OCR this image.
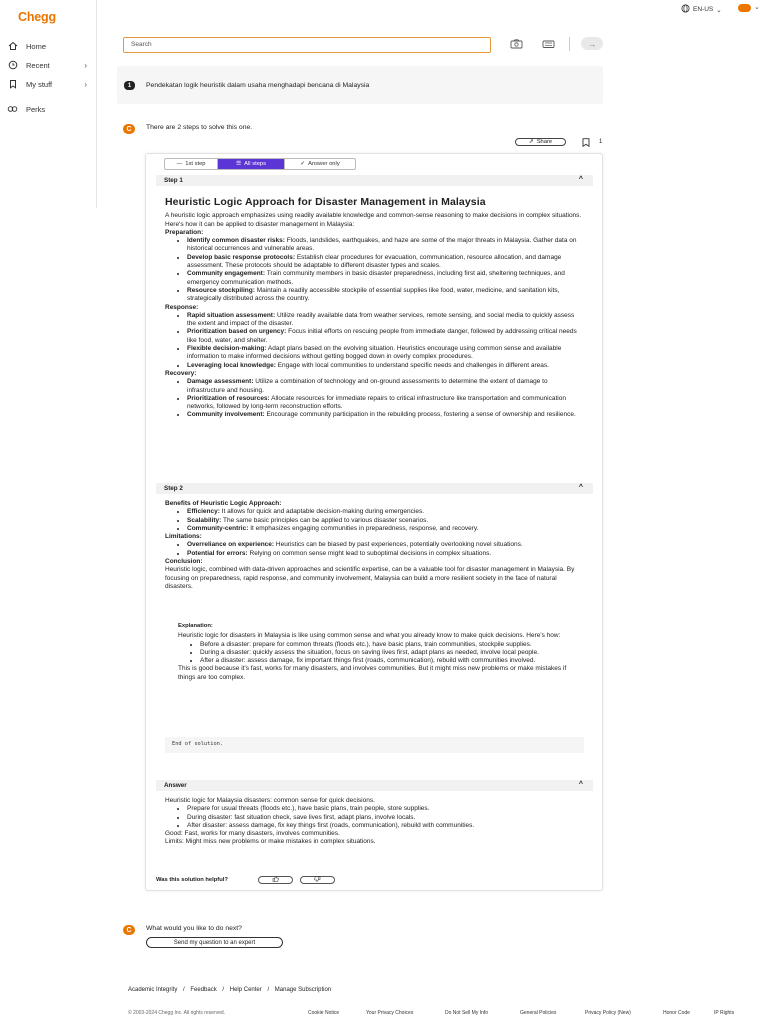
Chegg
Home
Recent	›
My stuff	›
Perks
EN-US ⌄	⌄
Search	→
1	Pendekatan logik heuristik dalam usaha menghadapi bencana di Malaysia
C	There are 2 steps to solve this one.
⇗ Share	1
— 1st step	☰ All steps	✓ Answer only
Step 1	^
Heuristic Logic Approach for Disaster Management in Malaysia

A heuristic logic approach emphasizes using readily available knowledge and common-sense reasoning to make decisions in complex situations. Here's how it can be applied to disaster management in Malaysia:

Preparation:

• Identify common disaster risks: Floods, landslides, earthquakes, and haze are some of the major threats in Malaysia. Gather data on historical occurrences and vulnerable areas.
• Develop basic response protocols: Establish clear procedures for evacuation, communication, resource allocation, and damage assessment. These protocols should be adaptable to different disaster types and scales.
• Community engagement: Train community members in basic disaster preparedness, including first aid, sheltering techniques, and emergency communication methods.
• Resource stockpiling: Maintain a readily accessible stockpile of essential supplies like food, water, medicine, and sanitation kits, strategically distributed across the country.

Response:

• Rapid situation assessment: Utilize readily available data from weather services, remote sensing, and social media to quickly assess the extent and impact of the disaster.
• Prioritization based on urgency: Focus initial efforts on rescuing people from immediate danger, followed by addressing critical needs like food, water, and shelter.
• Flexible decision-making: Adapt plans based on the evolving situation. Heuristics encourage using common sense and available information to make informed decisions without getting bogged down in overly complex procedures.
• Leveraging local knowledge: Engage with local communities to understand specific needs and challenges in different areas.

Recovery:

• Damage assessment: Utilize a combination of technology and on-ground assessments to determine the extent of damage to infrastructure and housing.
• Prioritization of resources: Allocate resources for immediate repairs to critical infrastructure like transportation and communication networks, followed by long-term reconstruction efforts.
• Community involvement: Encourage community participation in the rebuilding process, fostering a sense of ownership and resilience.
Step 2	^

Benefits of Heuristic Logic Approach:

• Efficiency: It allows for quick and adaptable decision-making during emergencies.
• Scalability: The same basic principles can be applied to various disaster scenarios.
• Community-centric: It emphasizes engaging communities in preparedness, response, and recovery.

Limitations:

• Overreliance on experience: Heuristics can be biased by past experiences, potentially overlooking novel situations.
• Potential for errors: Relying on common sense might lead to suboptimal decisions in complex situations.

Conclusion:

Heuristic logic, combined with data-driven approaches and scientific expertise, can be a valuable tool for disaster management in Malaysia. By focusing on preparedness, rapid response, and community involvement, Malaysia can build a more resilient society in the face of natural disasters.

Explanation:

Heuristic logic for disasters in Malaysia is like using common sense and what you already know to make quick decisions. Here's how:

• Before a disaster: prepare for common threats (floods etc.), have basic plans, train communities, stockpile supplies.
• During a disaster: quickly assess the situation, focus on saving lives first, adapt plans as needed, involve local people.
• After a disaster: assess damage, fix important things first (roads, communication), rebuild with communities involved.

This is good because it's fast, works for many disasters, and involves communities. But it might miss new problems or make mistakes if things are too complex.

End of solution.
Answer	^

Heuristic logic for Malaysia disasters: common sense for quick decisions.

• Prepare for usual threats (floods etc.), have basic plans, train people, store supplies.
• During disaster: fast situation check, save lives first, adapt plans, involve locals.
• After disaster: assess damage, fix key things first (roads, communication), rebuild with communities.

Good: Fast, works for many disasters, involves communities.

Limits: Might miss new problems or make mistakes in complex situations.

Was this solution helpful?
C	What would you like to do next?
Send my question to an expert
Academic Integrity / Feedback / Help Center / Manage Subscription
© 2003-2024 Chegg Inc. All rights reserved.	Cookie Notice	Your Privacy Choices	Do Not Sell My Info	General Policies	Privacy Policy (New)	Honor Code	IP Rights
